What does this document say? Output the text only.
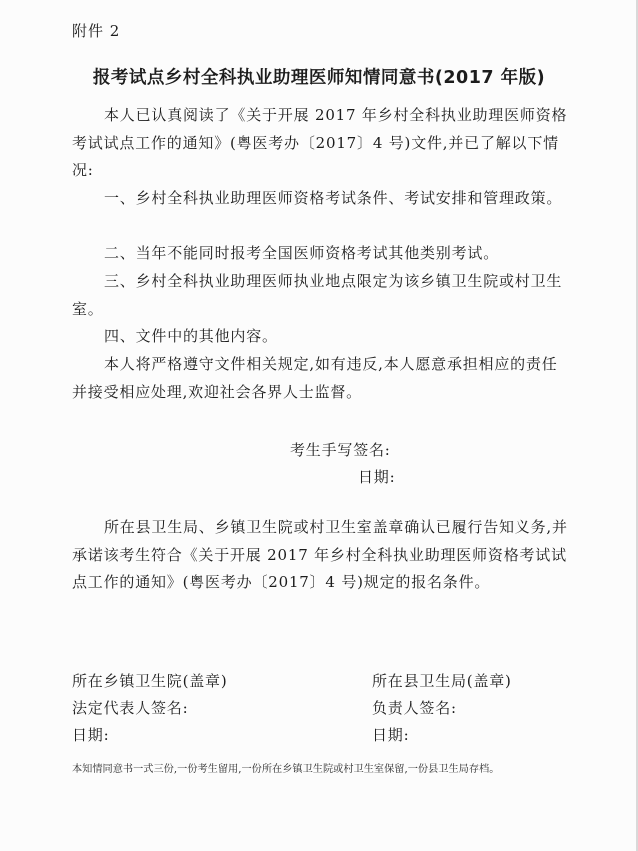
附件 2
报考试点乡村全科执业助理医师知情同意书(2017 年版)

本人已认真阅读了《关于开展 2017 年乡村全科执业助理医师资格考试试点工作的通知》(粤医考办〔2017〕4 号)文件,并已了解以下情况:

一、乡村全科执业助理医师资格考试条件、考试安排和管理政策。

二、当年不能同时报考全国医师资格考试其他类别考试。

三、乡村全科执业助理医师执业地点限定为该乡镇卫生院或村卫生室。

四、文件中的其他内容。

本人将严格遵守文件相关规定,如有违反,本人愿意承担相应的责任并接受相应处理,欢迎社会各界人士监督。

考生手写签名:
日期:

所在县卫生局、乡镇卫生院或村卫生室盖章确认已履行告知义务,并承诺该考生符合《关于开展 2017 年乡村全科执业助理医师资格考试试点工作的通知》(粤医考办〔2017〕4 号)规定的报名条件。

所在乡镇卫生院(盖章)
法定代表人签名:
日期:
所在县卫生局(盖章)
负责人签名:
日期:
本知情同意书一式三份,一份考生留用,一份所在乡镇卫生院或村卫生室保留,一份县卫生局存档。
